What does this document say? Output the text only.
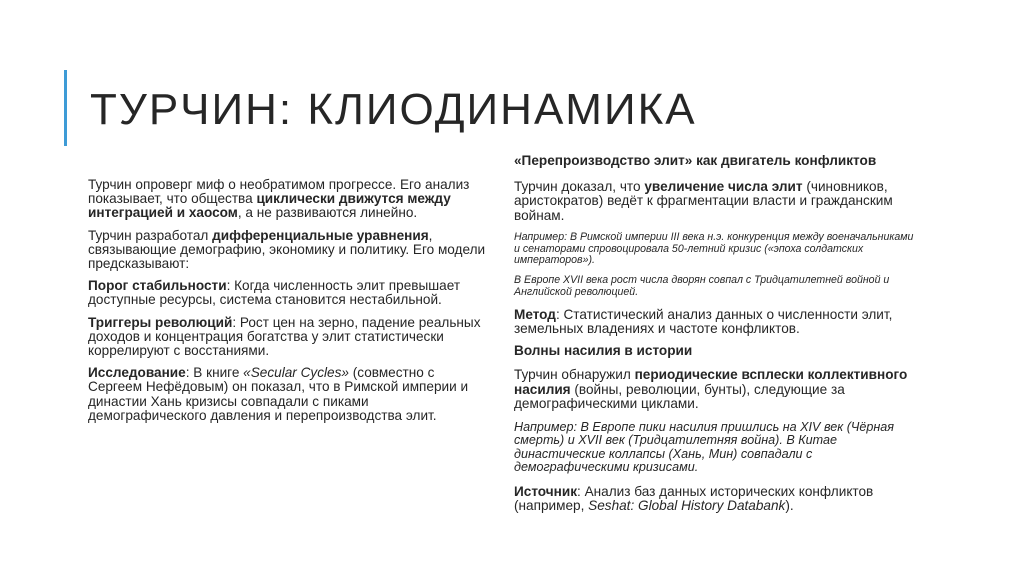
ТУРЧИН: КЛИОДИНАМИКА

Турчин опроверг миф о необратимом прогрессе. Его анализ показывает, что общества циклически движутся между интеграцией и хаосом, а не развиваются линейно.

Турчин разработал дифференциальные уравнения, связывающие демографию, экономику и политику. Его модели предсказывают:

Порог стабильности: Когда численность элит превышает доступные ресурсы, система становится нестабильной.

Триггеры революций: Рост цен на зерно, падение реальных доходов и концентрация богатства у элит статистически коррелируют с восстаниями.

Исследование: В книге «Secular Cycles» (совместно с Сергеем Нефёдовым) он показал, что в Римской империи и династии Хань кризисы совпадали с пиками демографического давления и перепроизводства элит.

«Перепроизводство элит» как двигатель конфликтов

Турчин доказал, что увеличение числа элит (чиновников, аристократов) ведёт к фрагментации власти и гражданским войнам.

Например: В Римской империи III века н.э. конкуренция между военачальниками и сенаторами спровоцировала 50-летний кризис («эпоха солдатских императоров»).

В Европе XVII века рост числа дворян совпал с Тридцатилетней войной и Английской революцией.

Метод: Статистический анализ данных о численности элит, земельных владениях и частоте конфликтов.

Волны насилия в истории

Турчин обнаружил периодические всплески коллективного насилия (войны, революции, бунты), следующие за демографическими циклами.

Например: В Европе пики насилия пришлись на XIV век (Чёрная смерть) и XVII век (Тридцатилетняя война). В Китае династические коллапсы (Хань, Мин) совпадали с демографическими кризисами.

Источник: Анализ баз данных исторических конфликтов (например, Seshat: Global History Databank).
